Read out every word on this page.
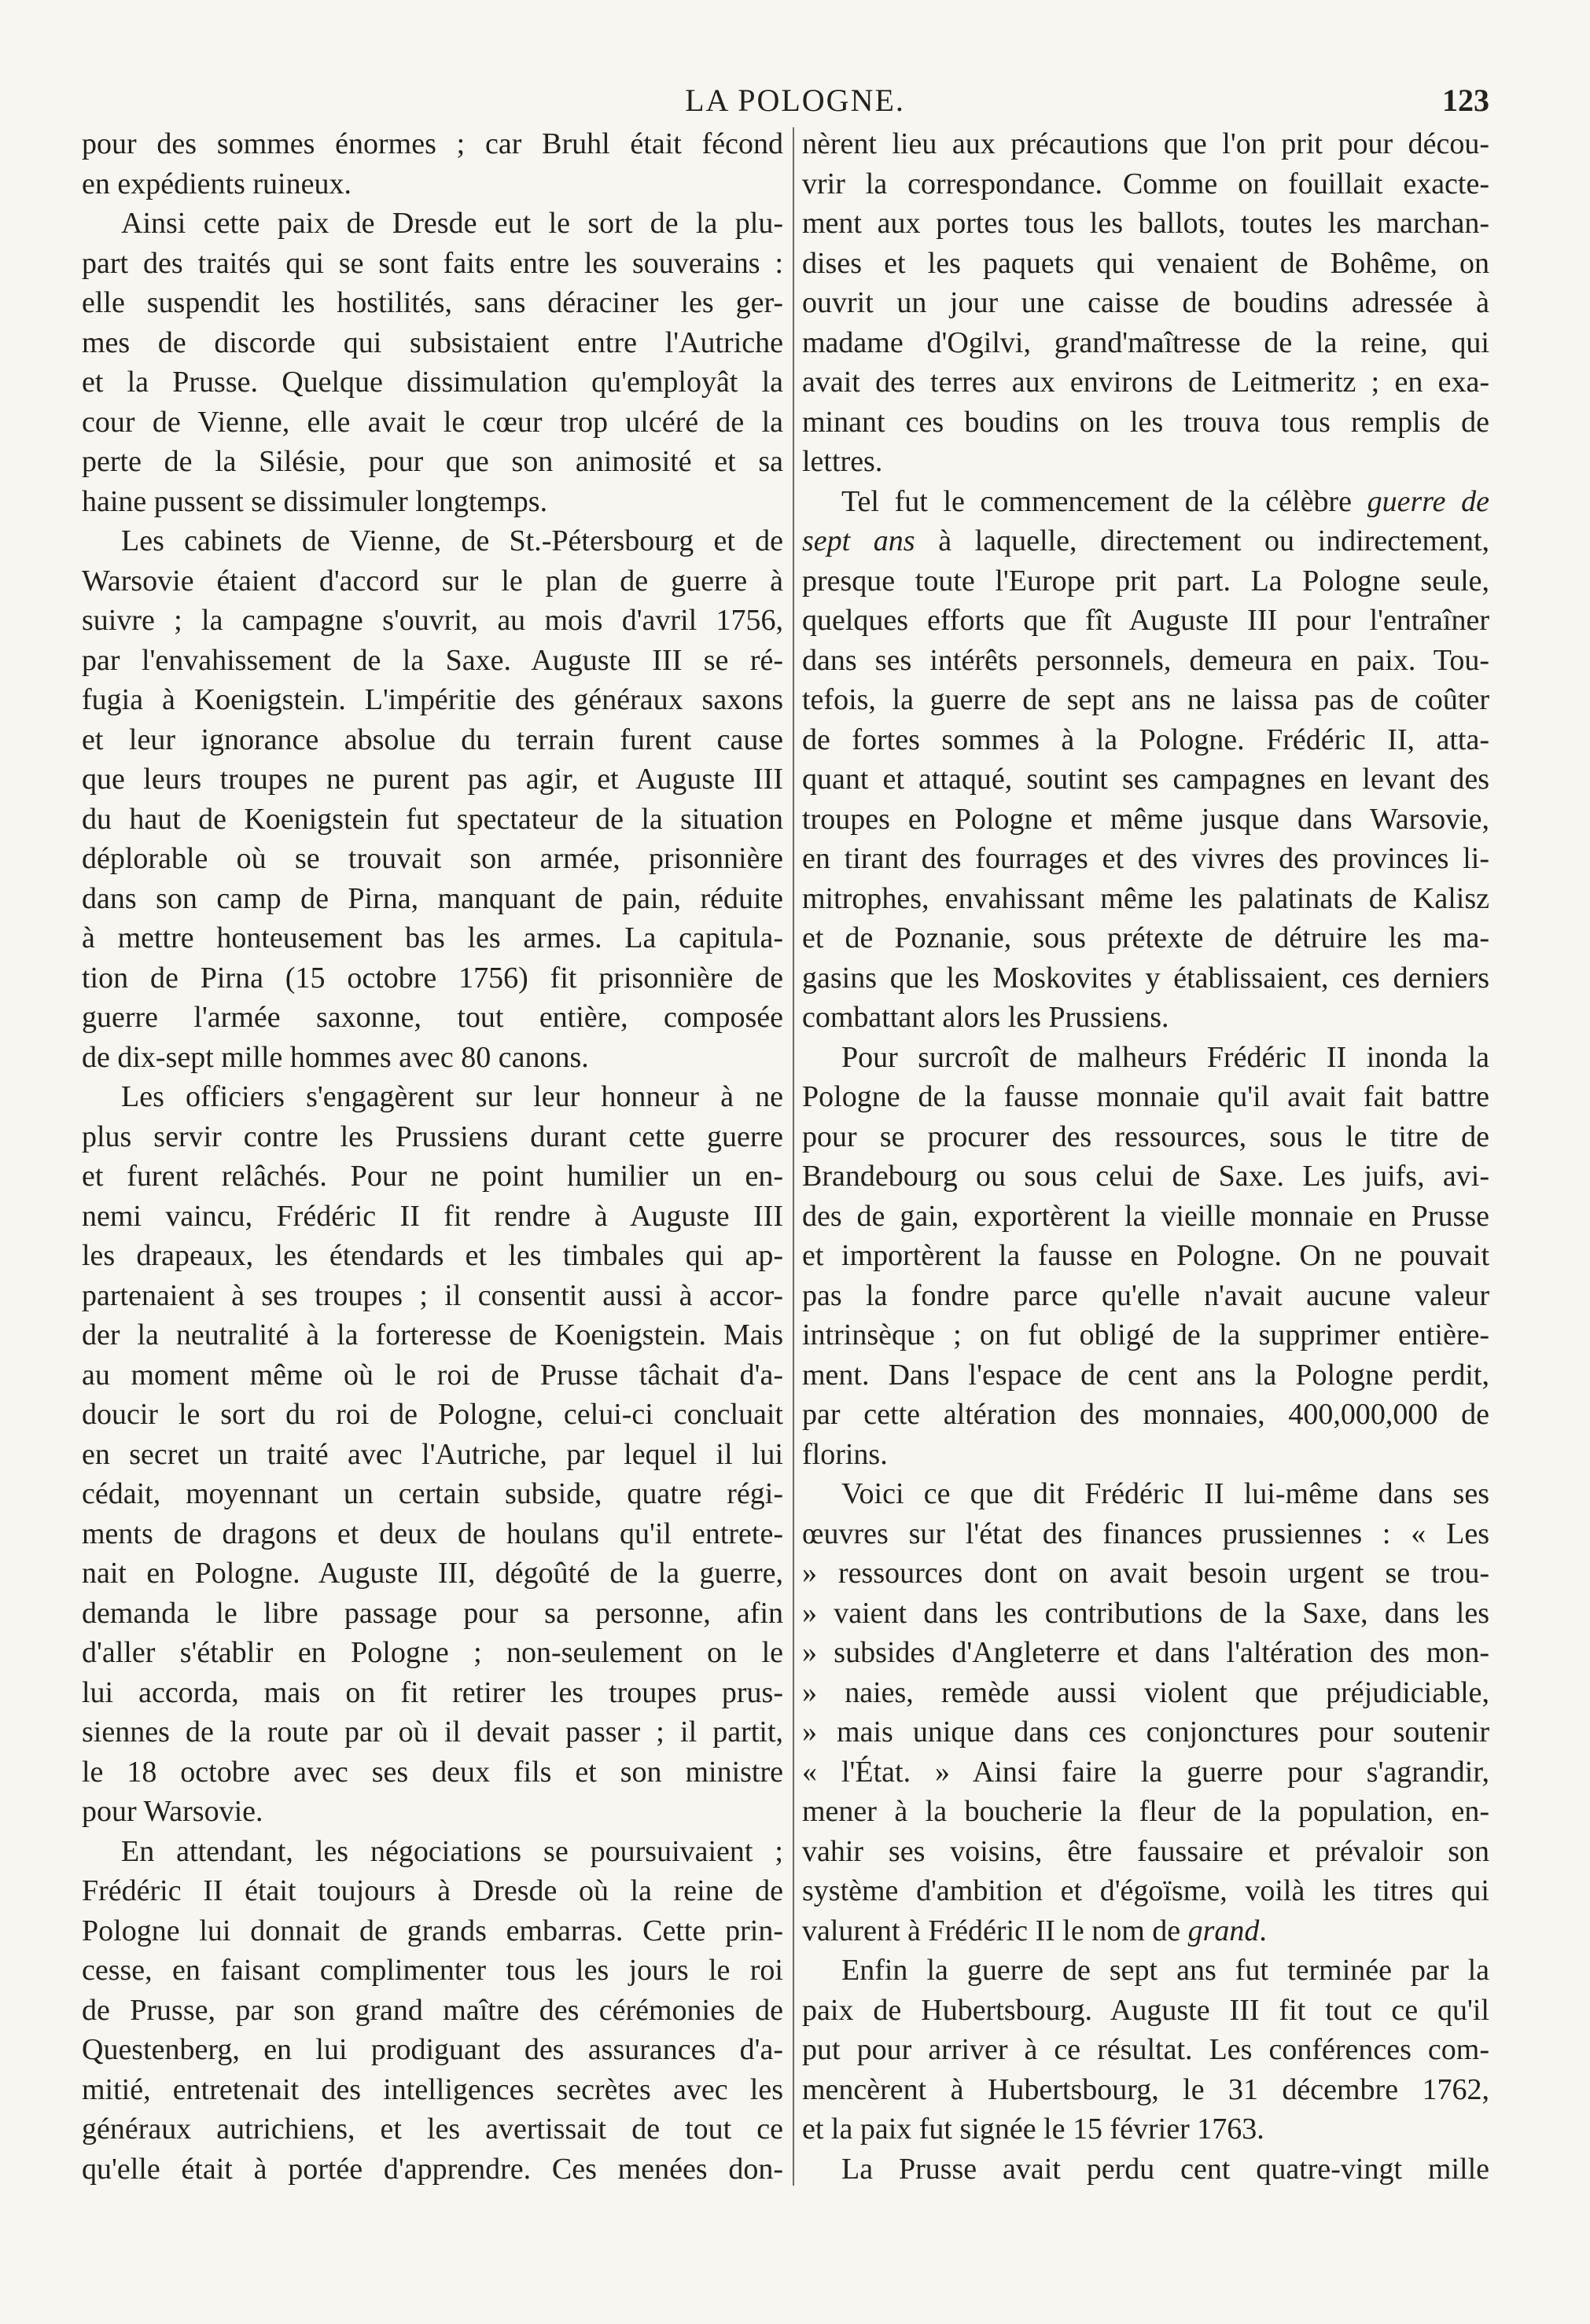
LA POLOGNE.	123
pour des sommes énormes ; car Bruhl était fécond
en expédients ruineux.
Ainsi cette paix de Dresde eut le sort de la plu-
part des traités qui se sont faits entre les souverains :
elle suspendit les hostilités, sans déraciner les ger-
mes de discorde qui subsistaient entre l'Autriche
et la Prusse. Quelque dissimulation qu'employât la
cour de Vienne, elle avait le cœur trop ulcéré de la
perte de la Silésie, pour que son animosité et sa
haine pussent se dissimuler longtemps.
Les cabinets de Vienne, de St.-Pétersbourg et de
Warsovie étaient d'accord sur le plan de guerre à
suivre ; la campagne s'ouvrit, au mois d'avril 1756,
par l'envahissement de la Saxe. Auguste III se ré-
fugia à Koenigstein. L'impéritie des généraux saxons
et leur ignorance absolue du terrain furent cause
que leurs troupes ne purent pas agir, et Auguste III
du haut de Koenigstein fut spectateur de la situation
déplorable où se trouvait son armée, prisonnière
dans son camp de Pirna, manquant de pain, réduite
à mettre honteusement bas les armes. La capitula-
tion de Pirna (15 octobre 1756) fit prisonnière de
guerre l'armée saxonne, tout entière, composée
de dix-sept mille hommes avec 80 canons.
Les officiers s'engagèrent sur leur honneur à ne
plus servir contre les Prussiens durant cette guerre
et furent relâchés. Pour ne point humilier un en-
nemi vaincu, Frédéric II fit rendre à Auguste III
les drapeaux, les étendards et les timbales qui ap-
partenaient à ses troupes ; il consentit aussi à accor-
der la neutralité à la forteresse de Koenigstein. Mais
au moment même où le roi de Prusse tâchait d'a-
doucir le sort du roi de Pologne, celui-ci concluait
en secret un traité avec l'Autriche, par lequel il lui
cédait, moyennant un certain subside, quatre régi-
ments de dragons et deux de houlans qu'il entrete-
nait en Pologne. Auguste III, dégoûté de la guerre,
demanda le libre passage pour sa personne, afin
d'aller s'établir en Pologne ; non-seulement on le
lui accorda, mais on fit retirer les troupes prus-
siennes de la route par où il devait passer ; il partit,
le 18 octobre avec ses deux fils et son ministre
pour Warsovie.
En attendant, les négociations se poursuivaient ;
Frédéric II était toujours à Dresde où la reine de
Pologne lui donnait de grands embarras. Cette prin-
cesse, en faisant complimenter tous les jours le roi
de Prusse, par son grand maître des cérémonies de
Questenberg, en lui prodiguant des assurances d'a-
mitié, entretenait des intelligences secrètes avec les
généraux autrichiens, et les avertissait de tout ce
qu'elle était à portée d'apprendre. Ces menées don-
nèrent lieu aux précautions que l'on prit pour décou-
vrir la correspondance. Comme on fouillait exacte-
ment aux portes tous les ballots, toutes les marchan-
dises et les paquets qui venaient de Bohême, on
ouvrit un jour une caisse de boudins adressée à
madame d'Ogilvi, grand'maîtresse de la reine, qui
avait des terres aux environs de Leitmeritz ; en exa-
minant ces boudins on les trouva tous remplis de
lettres.
Tel fut le commencement de la célèbre guerre de
sept ans à laquelle, directement ou indirectement,
presque toute l'Europe prit part. La Pologne seule,
quelques efforts que fît Auguste III pour l'entraîner
dans ses intérêts personnels, demeura en paix. Tou-
tefois, la guerre de sept ans ne laissa pas de coûter
de fortes sommes à la Pologne. Frédéric II, atta-
quant et attaqué, soutint ses campagnes en levant des
troupes en Pologne et même jusque dans Warsovie,
en tirant des fourrages et des vivres des provinces li-
mitrophes, envahissant même les palatinats de Kalisz
et de Poznanie, sous prétexte de détruire les ma-
gasins que les Moskovites y établissaient, ces derniers
combattant alors les Prussiens.
Pour surcroît de malheurs Frédéric II inonda la
Pologne de la fausse monnaie qu'il avait fait battre
pour se procurer des ressources, sous le titre de
Brandebourg ou sous celui de Saxe. Les juifs, avi-
des de gain, exportèrent la vieille monnaie en Prusse
et importèrent la fausse en Pologne. On ne pouvait
pas la fondre parce qu'elle n'avait aucune valeur
intrinsèque ; on fut obligé de la supprimer entière-
ment. Dans l'espace de cent ans la Pologne perdit,
par cette altération des monnaies, 400,000,000 de
florins.
Voici ce que dit Frédéric II lui-même dans ses
œuvres sur l'état des finances prussiennes : « Les
» ressources dont on avait besoin urgent se trou-
» vaient dans les contributions de la Saxe, dans les
» subsides d'Angleterre et dans l'altération des mon-
» naies, remède aussi violent que préjudiciable,
» mais unique dans ces conjonctures pour soutenir
« l'État. » Ainsi faire la guerre pour s'agrandir,
mener à la boucherie la fleur de la population, en-
vahir ses voisins, être faussaire et prévaloir son
système d'ambition et d'égoïsme, voilà les titres qui
valurent à Frédéric II le nom de grand.
Enfin la guerre de sept ans fut terminée par la
paix de Hubertsbourg. Auguste III fit tout ce qu'il
put pour arriver à ce résultat. Les conférences com-
mencèrent à Hubertsbourg, le 31 décembre 1762,
et la paix fut signée le 15 février 1763.
La Prusse avait perdu cent quatre-vingt mille
